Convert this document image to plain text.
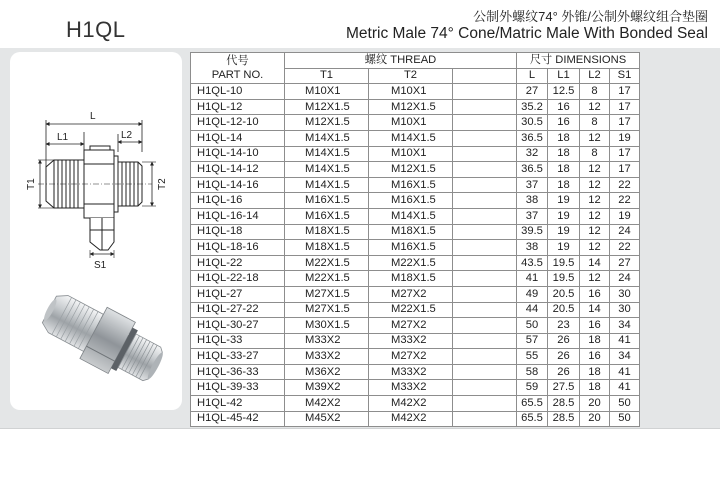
H1QL
公制外螺纹74° 外锥/公制外螺纹组合垫圈
Metric Male 74° Cone/Matric Male With Bonded Seal
L
L1	L2
T1	T2
S1
代号
PART NO.	螺纹 THREAD			尺寸 DIMENSIONS			
	T1	T2		L	L1	L2	S1
H1QL-10	M10X1	M10X1		27	12.5	8	17
H1QL-12	M12X1.5	M12X1.5		35.2	16	12	17
H1QL-12-10	M12X1.5	M10X1		30.5	16	8	17
H1QL-14	M14X1.5	M14X1.5		36.5	18	12	19
H1QL-14-10	M14X1.5	M10X1		32	18	8	17
H1QL-14-12	M14X1.5	M12X1.5		36.5	18	12	17
H1QL-14-16	M14X1.5	M16X1.5		37	18	12	22
H1QL-16	M16X1.5	M16X1.5		38	19	12	22
H1QL-16-14	M16X1.5	M14X1.5		37	19	12	19
H1QL-18	M18X1.5	M18X1.5		39.5	19	12	24
H1QL-18-16	M18X1.5	M16X1.5		38	19	12	22
H1QL-22	M22X1.5	M22X1.5		43.5	19.5	14	27
H1QL-22-18	M22X1.5	M18X1.5		41	19.5	12	24
H1QL-27	M27X1.5	M27X2		49	20.5	16	30
H1QL-27-22	M27X1.5	M22X1.5		44	20.5	14	30
H1QL-30-27	M30X1.5	M27X2		50	23	16	34
H1QL-33	M33X2	M33X2		57	26	18	41
H1QL-33-27	M33X2	M27X2		55	26	16	34
H1QL-36-33	M36X2	M33X2		58	26	18	41
H1QL-39-33	M39X2	M33X2		59	27.5	18	41
H1QL-42	M42X2	M42X2		65.5	28.5	20	50
H1QL-45-42	M45X2	M42X2		65.5	28.5	20	50
